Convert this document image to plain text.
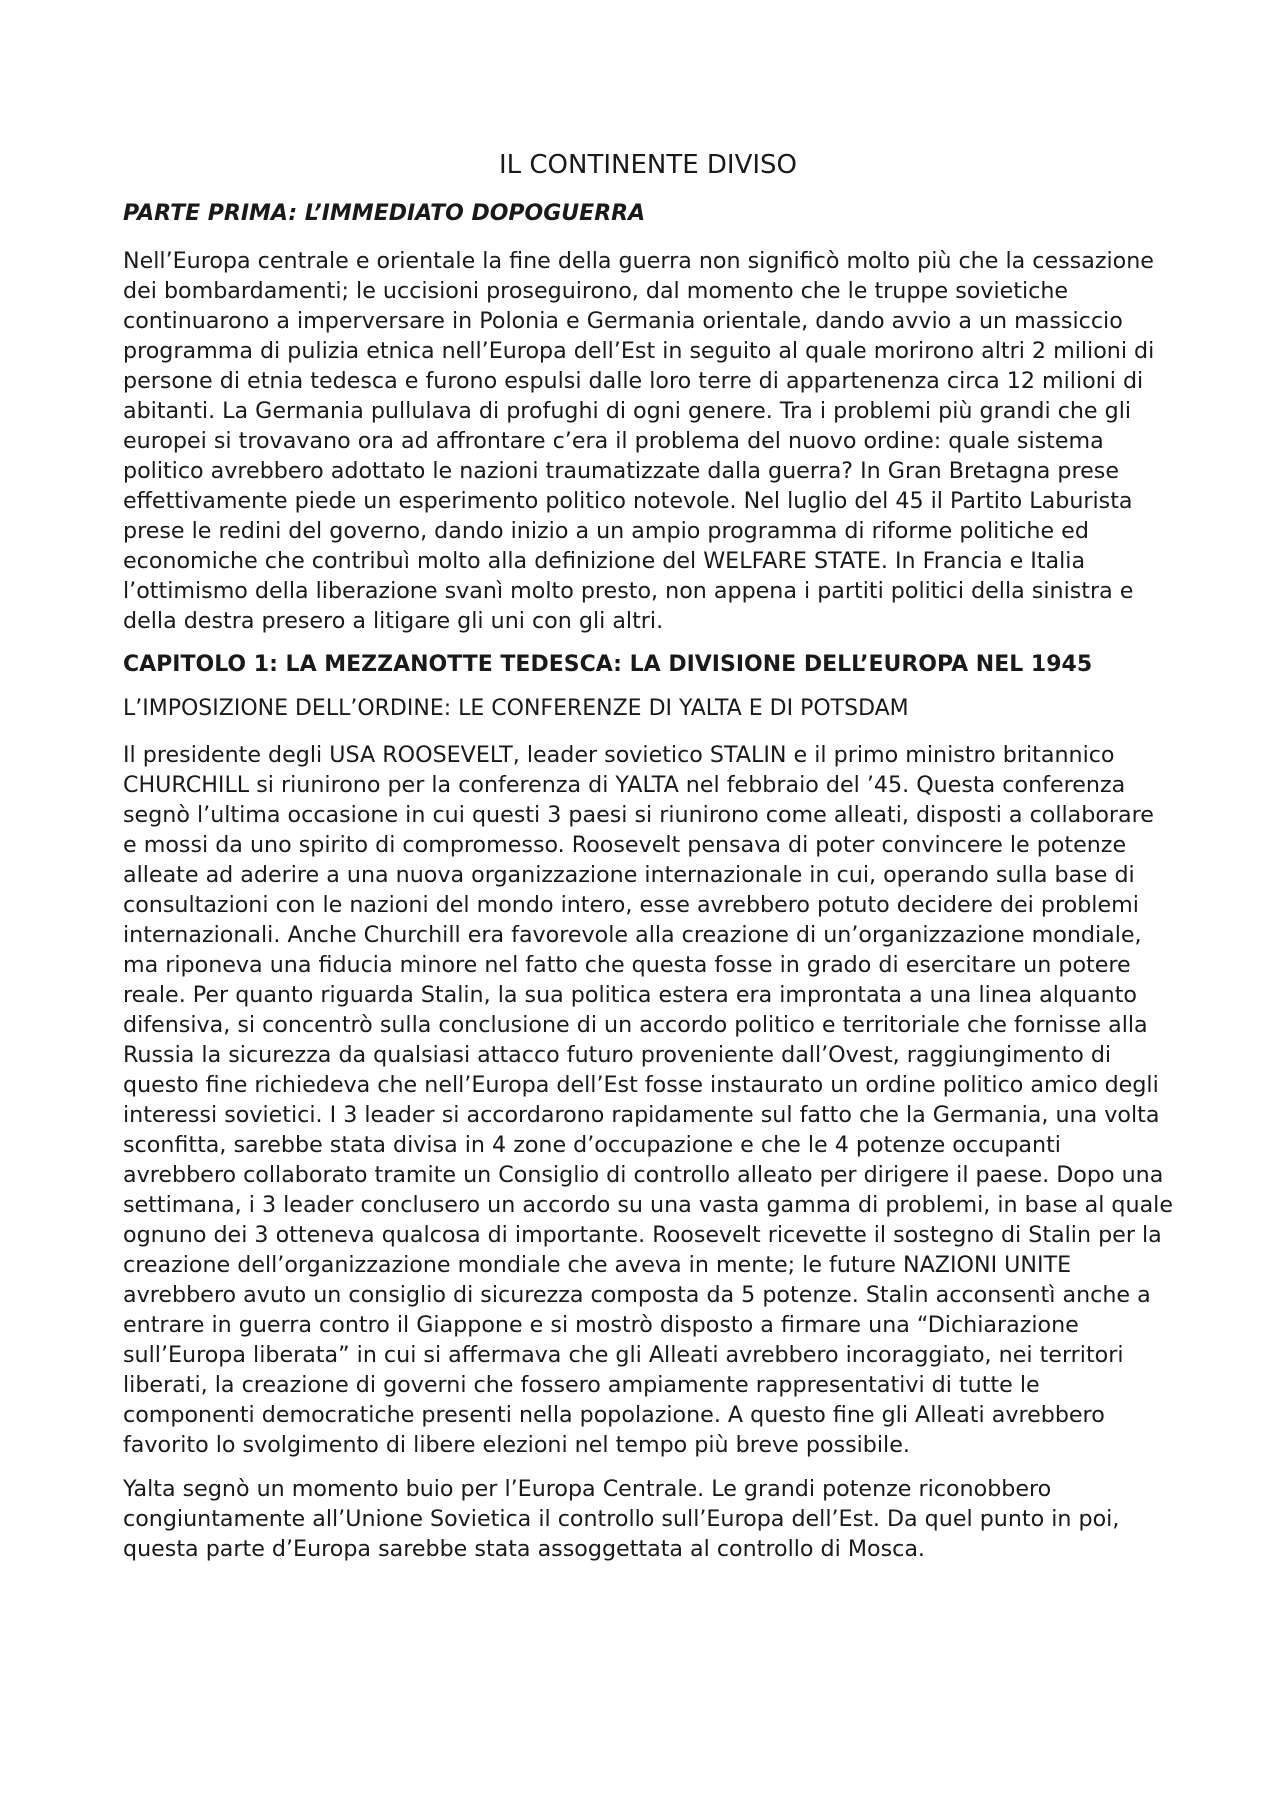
IL CONTINENTE DIVISO
PARTE PRIMA: L’IMMEDIATO DOPOGUERRA

Nell’Europa centrale e orientale la fine della guerra non significò molto più che la cessazione dei bombardamenti; le uccisioni proseguirono, dal momento che le truppe sovietiche continuarono a imperversare in Polonia e Germania orientale, dando avvio a un massiccio programma di pulizia etnica nell’Europa dell’Est in seguito al quale morirono altri 2 milioni di persone di etnia tedesca e furono espulsi dalle loro terre di appartenenza circa 12 milioni di abitanti. La Germania pullulava di profughi di ogni genere. Tra i problemi più grandi che gli europei si trovavano ora ad affrontare c’era il problema del nuovo ordine: quale sistema politico avrebbero adottato le nazioni traumatizzate dalla guerra? In Gran Bretagna prese effettivamente piede un esperimento politico notevole. Nel luglio del 45 il Partito Laburista prese le redini del governo, dando inizio a un ampio programma di riforme politiche ed economiche che contribuì molto alla definizione del WELFARE STATE. In Francia e Italia l’ottimismo della liberazione svanì molto presto, non appena i partiti politici della sinistra e della destra presero a litigare gli uni con gli altri.

CAPITOLO 1: LA MEZZANOTTE TEDESCA: LA DIVISIONE DELL’EUROPA NEL 1945
L’IMPOSIZIONE DELL’ORDINE: LE CONFERENZE DI YALTA E DI POTSDAM

Il presidente degli USA ROOSEVELT, leader sovietico STALIN e il primo ministro britannico CHURCHILL si riunirono per la conferenza di YALTA nel febbraio del ’45. Questa conferenza segnò l’ultima occasione in cui questi 3 paesi si riunirono come alleati, disposti a collaborare e mossi da uno spirito di compromesso. Roosevelt pensava di poter convincere le potenze alleate ad aderire a una nuova organizzazione internazionale in cui, operando sulla base di consultazioni con le nazioni del mondo intero, esse avrebbero potuto decidere dei problemi internazionali. Anche Churchill era favorevole alla creazione di un’organizzazione mondiale, ma riponeva una fiducia minore nel fatto che questa fosse in grado di esercitare un potere reale. Per quanto riguarda Stalin, la sua politica estera era improntata a una linea alquanto difensiva, si concentrò sulla conclusione di un accordo politico e territoriale che fornisse alla Russia la sicurezza da qualsiasi attacco futuro proveniente dall’Ovest, raggiungimento di questo fine richiedeva che nell’Europa dell’Est fosse instaurato un ordine politico amico degli interessi sovietici. I 3 leader si accordarono rapidamente sul fatto che la Germania, una volta sconfitta, sarebbe stata divisa in 4 zone d’occupazione e che le 4 potenze occupanti avrebbero collaborato tramite un Consiglio di controllo alleato per dirigere il paese. Dopo una settimana, i 3 leader conclusero un accordo su una vasta gamma di problemi, in base al quale ognuno dei 3 otteneva qualcosa di importante. Roosevelt ricevette il sostegno di Stalin per la creazione dell’organizzazione mondiale che aveva in mente; le future NAZIONI UNITE avrebbero avuto un consiglio di sicurezza composta da 5 potenze. Stalin acconsentì anche a entrare in guerra contro il Giappone e si mostrò disposto a firmare una “Dichiarazione sull’Europa liberata” in cui si affermava che gli Alleati avrebbero incoraggiato, nei territori liberati, la creazione di governi che fossero ampiamente rappresentativi di tutte le componenti democratiche presenti nella popolazione. A questo fine gli Alleati avrebbero favorito lo svolgimento di libere elezioni nel tempo più breve possibile.

Yalta segnò un momento buio per l’Europa Centrale. Le grandi potenze riconobbero congiuntamente all’Unione Sovietica il controllo sull’Europa dell’Est. Da quel punto in poi, questa parte d’Europa sarebbe stata assoggettata al controllo di Mosca.
